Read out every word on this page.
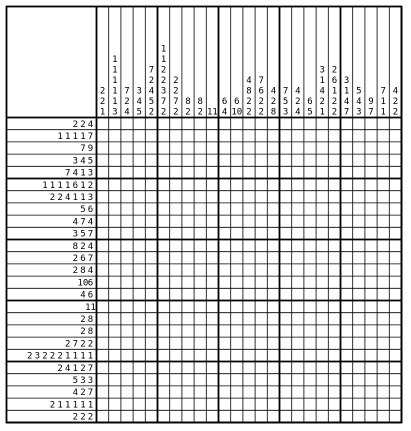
2
2
1
1
1
1
1
1
3
7
2
4
3
4
5
7
2
4
5
2
1
1
2
2
3
7
2
2
2
7
2
8
2
8
2 11
6
4
6
10
4
8
2
2
7
6
2
2
4
2
8
7
5
3
4
2
4
6
5
3
1
4
2
1
2
6
1
2
2
3
1
4
7
5
4
3
9
7
7
1
1
4
2
2
2 2 4
1 1 1 1 7
7 9
3 4 5
7 4 1 3
1 1 1 1 6 1 2
2 2 4 1 1 3
5 6
4 7 4
3 5 7
8 2 4
2 6 7
2 8 4
10 6
4 6
11
2 8
2 8
2 7 2 2
2 3 2 2 2 1 1 1 1
2 4 1 2 7
5 3 3
4 2 7
2 1 1 1 1 1
2 2 2
